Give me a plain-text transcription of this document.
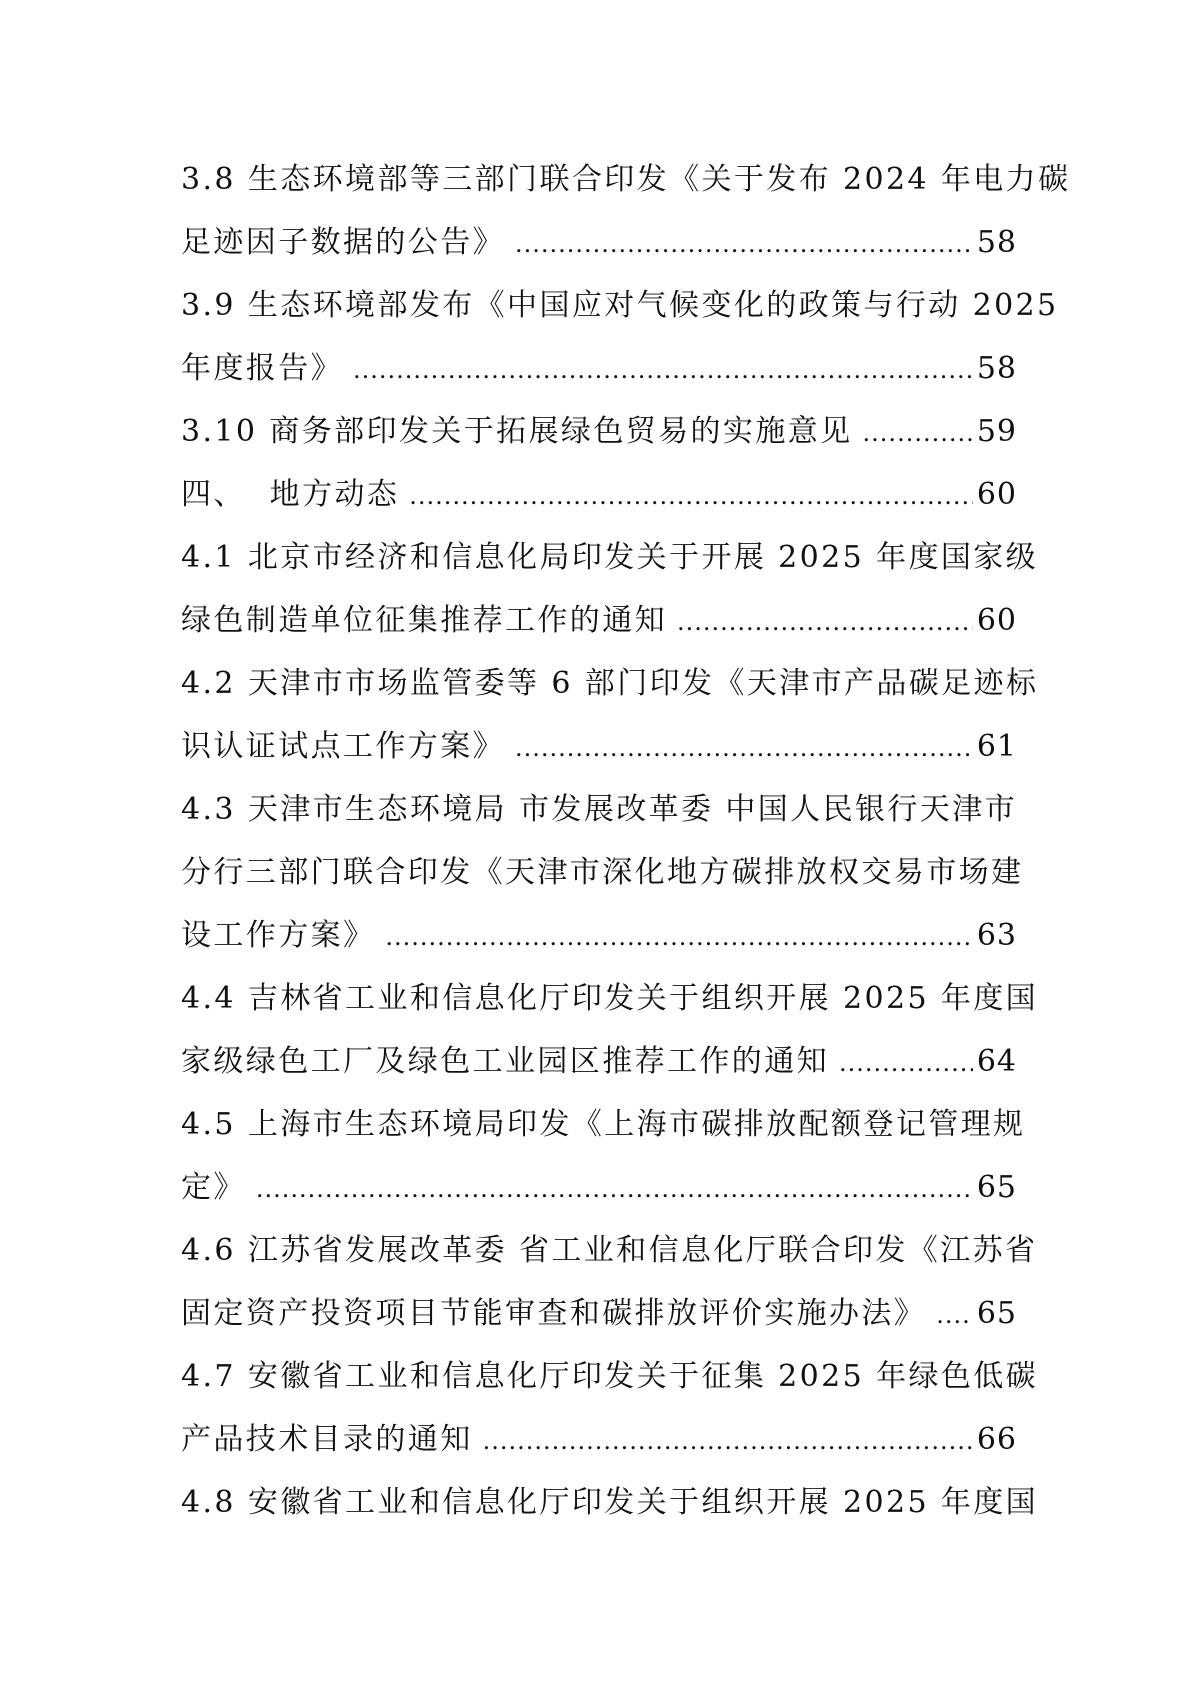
3.8 生态环境部等三部门联合印发《关于发布 2024 年电力碳
足迹因子数据的公告》 .....	58
3.9 生态环境部发布《中国应对气候变化的政策与行动 2025
年度报告》 .....	58
3.10 商务部印发关于拓展绿色贸易的实施意见 .....	59
四、  地方动态 .....	60
4.1 北京市经济和信息化局印发关于开展 2025 年度国家级
绿色制造单位征集推荐工作的通知 .....	60
4.2 天津市市场监管委等 6 部门印发《天津市产品碳足迹标
识认证试点工作方案》 .....	61
4.3 天津市生态环境局 市发展改革委 中国人民银行天津市
分行三部门联合印发《天津市深化地方碳排放权交易市场建
设工作方案》 .....	63
4.4 吉林省工业和信息化厅印发关于组织开展 2025 年度国
家级绿色工厂及绿色工业园区推荐工作的通知 .....	64
4.5 上海市生态环境局印发《上海市碳排放配额登记管理规
定》 .....	65
4.6 江苏省发展改革委 省工业和信息化厅联合印发《江苏省
固定资产投资项目节能审查和碳排放评价实施办法》 ..... 65
4.7 安徽省工业和信息化厅印发关于征集 2025 年绿色低碳
产品技术目录的通知 .....	66
4.8 安徽省工业和信息化厅印发关于组织开展 2025 年度国
